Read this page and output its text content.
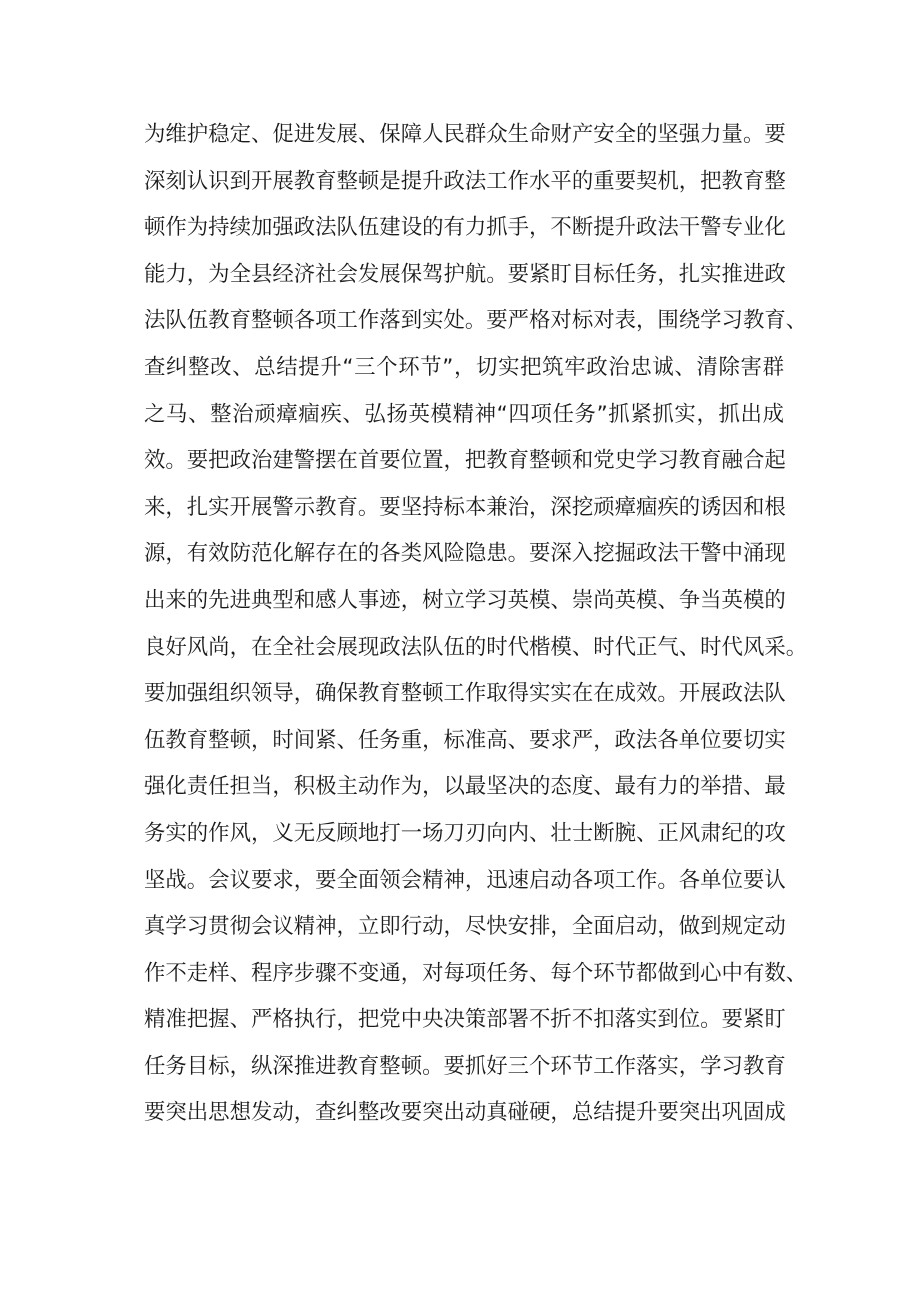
为维护稳定、促进发展、保障人民群众生命财产安全的坚强力量。要
深刻认识到开展教育整顿是提升政法工作水平的重要契机，把教育整
顿作为持续加强政法队伍建设的有力抓手，不断提升政法干警专业化
能力，为全县经济社会发展保驾护航。要紧盯目标任务，扎实推进政
法队伍教育整顿各项工作落到实处。要严格对标对表，围绕学习教育、
查纠整改、总结提升“三个环节”，切实把筑牢政治忠诚、清除害群
之马、整治顽瘴痼疾、弘扬英模精神“四项任务”抓紧抓实，抓出成
效。要把政治建警摆在首要位置，把教育整顿和党史学习教育融合起
来，扎实开展警示教育。要坚持标本兼治，深挖顽瘴痼疾的诱因和根
源，有效防范化解存在的各类风险隐患。要深入挖掘政法干警中涌现
出来的先进典型和感人事迹，树立学习英模、崇尚英模、争当英模的
良好风尚，在全社会展现政法队伍的时代楷模、时代正气、时代风采。
要加强组织领导，确保教育整顿工作取得实实在在成效。开展政法队
伍教育整顿，时间紧、任务重，标准高、要求严，政法各单位要切实
强化责任担当，积极主动作为，以最坚决的态度、最有力的举措、最
务实的作风，义无反顾地打一场刀刃向内、壮士断腕、正风肃纪的攻
坚战。会议要求，要全面领会精神，迅速启动各项工作。各单位要认
真学习贯彻会议精神，立即行动，尽快安排，全面启动，做到规定动
作不走样、程序步骤不变通，对每项任务、每个环节都做到心中有数、
精准把握、严格执行，把党中央决策部署不折不扣落实到位。要紧盯
任务目标，纵深推进教育整顿。要抓好三个环节工作落实，学习教育
要突出思想发动，查纠整改要突出动真碰硬，总结提升要突出巩固成
